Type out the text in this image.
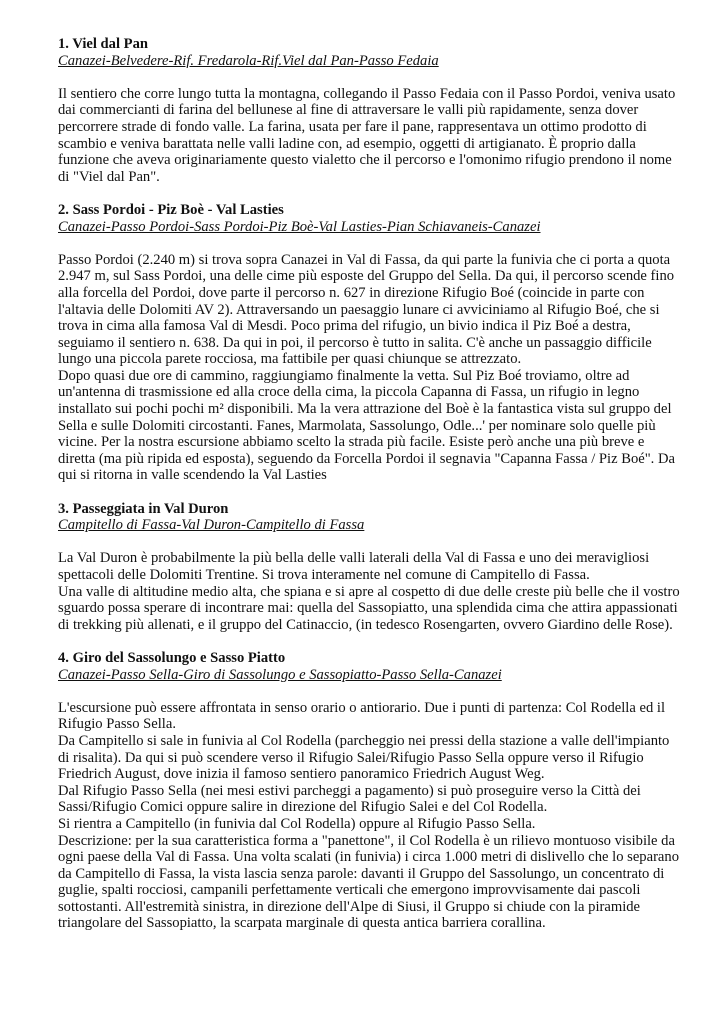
1. Viel dal Pan

Canazei-Belvedere-Rif. Fredarola-Rif.Viel dal Pan-Passo Fedaia

Il sentiero che corre lungo tutta la montagna, collegando il Passo Fedaia con il Passo Pordoi, veniva usato dai commercianti di farina del bellunese al fine di attraversare le valli più rapidamente, senza dover percorrere strade di fondo valle. La farina, usata per fare il pane, rappresentava un ottimo prodotto di scambio e veniva barattata nelle valli ladine con, ad esempio, oggetti di artigianato. È proprio dalla funzione che aveva originariamente questo vialetto che il percorso e l'omonimo rifugio prendono il nome di "Viel dal Pan".

2. Sass Pordoi - Piz Boè - Val Lasties

Canazei-Passo Pordoi-Sass Pordoi-Piz Boè-Val Lasties-Pian Schiavaneis-Canazei

Passo Pordoi (2.240 m) si trova sopra Canazei in Val di Fassa, da qui parte la funivia che ci porta a quota 2.947 m, sul Sass Pordoi, una delle cime più esposte del Gruppo del Sella. Da qui, il percorso scende fino alla forcella del Pordoi, dove parte il percorso n. 627 in direzione Rifugio Boé (coincide in parte con l'altavia delle Dolomiti AV 2). Attraversando un paesaggio lunare ci avviciniamo al Rifugio Boé, che si trova in cima alla famosa Val di Mesdi. Poco prima del rifugio, un bivio indica il Piz Boé a destra, seguiamo il sentiero n. 638. Da qui in poi, il percorso è tutto in salita. C'è anche un passaggio difficile lungo una piccola parete rocciosa, ma fattibile per quasi chiunque se attrezzato.

Dopo quasi due ore di cammino, raggiungiamo finalmente la vetta. Sul Piz Boé troviamo, oltre ad un'antenna di trasmissione ed alla croce della cima, la piccola Capanna di Fassa, un rifugio in legno installato sui pochi pochi m² disponibili. Ma la vera attrazione del Boè è la fantastica vista sul gruppo del Sella e sulle Dolomiti circostanti. Fanes, Marmolata, Sassolungo, Odle...' per nominare solo quelle più vicine. Per la nostra escursione abbiamo scelto la strada più facile. Esiste però anche una più breve e diretta (ma più ripida ed esposta), seguendo da Forcella Pordoi il segnavia "Capanna Fassa / Piz Boé". Da qui si ritorna in valle scendendo la Val Lasties

3. Passeggiata in Val Duron

Campitello di Fassa-Val Duron-Campitello di Fassa

La Val Duron è probabilmente la più bella delle valli laterali della Val di Fassa e uno dei meravigliosi spettacoli delle Dolomiti Trentine. Si trova interamente nel comune di Campitello di Fassa.

Una valle di altitudine medio alta, che spiana e si apre al cospetto di due delle creste più belle che il vostro sguardo possa sperare di incontrare mai: quella del Sassopiatto, una splendida cima che attira appassionati di trekking più allenati, e il gruppo del Catinaccio, (in tedesco Rosengarten, ovvero Giardino delle Rose).

4. Giro del Sassolungo e Sasso Piatto

Canazei-Passo Sella-Giro di Sassolungo e Sassopiatto-Passo Sella-Canazei

L'escursione può essere affrontata in senso orario o antiorario. Due i punti di partenza: Col Rodella ed il Rifugio Passo Sella.

Da Campitello si sale in funivia al Col Rodella (parcheggio nei pressi della stazione a valle dell'impianto di risalita). Da qui si può scendere verso il Rifugio Salei/Rifugio Passo Sella oppure verso il Rifugio Friedrich August, dove inizia il famoso sentiero panoramico Friedrich August Weg.

Dal Rifugio Passo Sella (nei mesi estivi parcheggi a pagamento) si può proseguire verso la Città dei Sassi/Rifugio Comici oppure salire in direzione del Rifugio Salei e del Col Rodella.

Si rientra a Campitello (in funivia dal Col Rodella) oppure al Rifugio Passo Sella.

Descrizione: per la sua caratteristica forma a "panettone", il Col Rodella è un rilievo montuoso visibile da ogni paese della Val di Fassa. Una volta scalati (in funivia) i circa 1.000 metri di dislivello che lo separano da Campitello di Fassa, la vista lascia senza parole: davanti il Gruppo del Sassolungo, un concentrato di guglie, spalti rocciosi, campanili perfettamente verticali che emergono improvvisamente dai pascoli sottostanti. All'estremità sinistra, in direzione dell'Alpe di Siusi, il Gruppo si chiude con la piramide triangolare del Sassopiatto, la scarpata marginale di questa antica barriera corallina.
